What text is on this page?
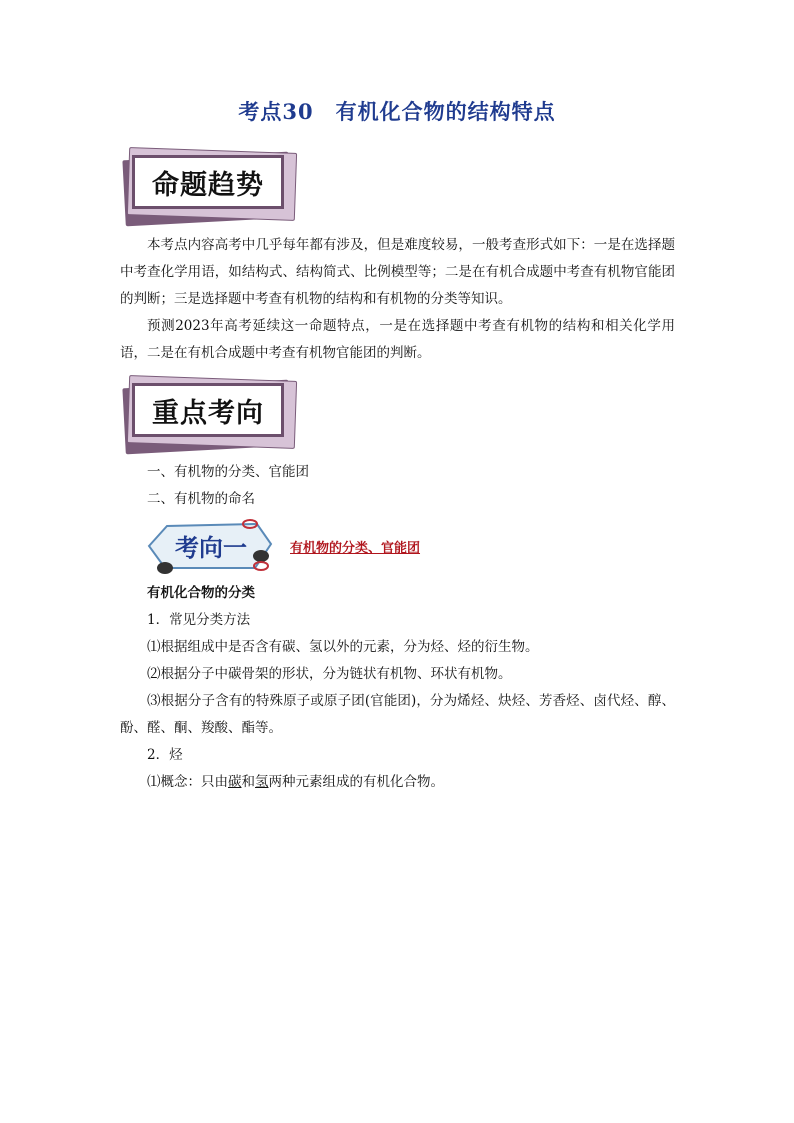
考点30　有机化合物的结构特点
命题趋势

本考点内容高考中几乎每年都有涉及，但是难度较易，一般考查形式如下：一是在选择题中考查化学用语，如结构式、结构简式、比例模型等；二是在有机合成题中考查有机物官能团的判断；三是选择题中考查有机物的结构和有机物的分类等知识。

预测2023年高考延续这一命题特点，一是在选择题中考查有机物的结构和相关化学用语，二是在有机合成题中考查有机物官能团的判断。

重点考向

一、有机物的分类、官能团

二、有机物的命名

考向一	有机物的分类、官能团

有机化合物的分类

1．常见分类方法

⑴根据组成中是否含有碳、氢以外的元素，分为烃、烃的衍生物。

⑵根据分子中碳骨架的形状，分为链状有机物、环状有机物。

⑶根据分子含有的特殊原子或原子团(官能团)，分为烯烃、炔烃、芳香烃、卤代烃、醇、酚、醛、酮、羧酸、酯等。

2．烃

⑴概念：只由碳和氢两种元素组成的有机化合物。
